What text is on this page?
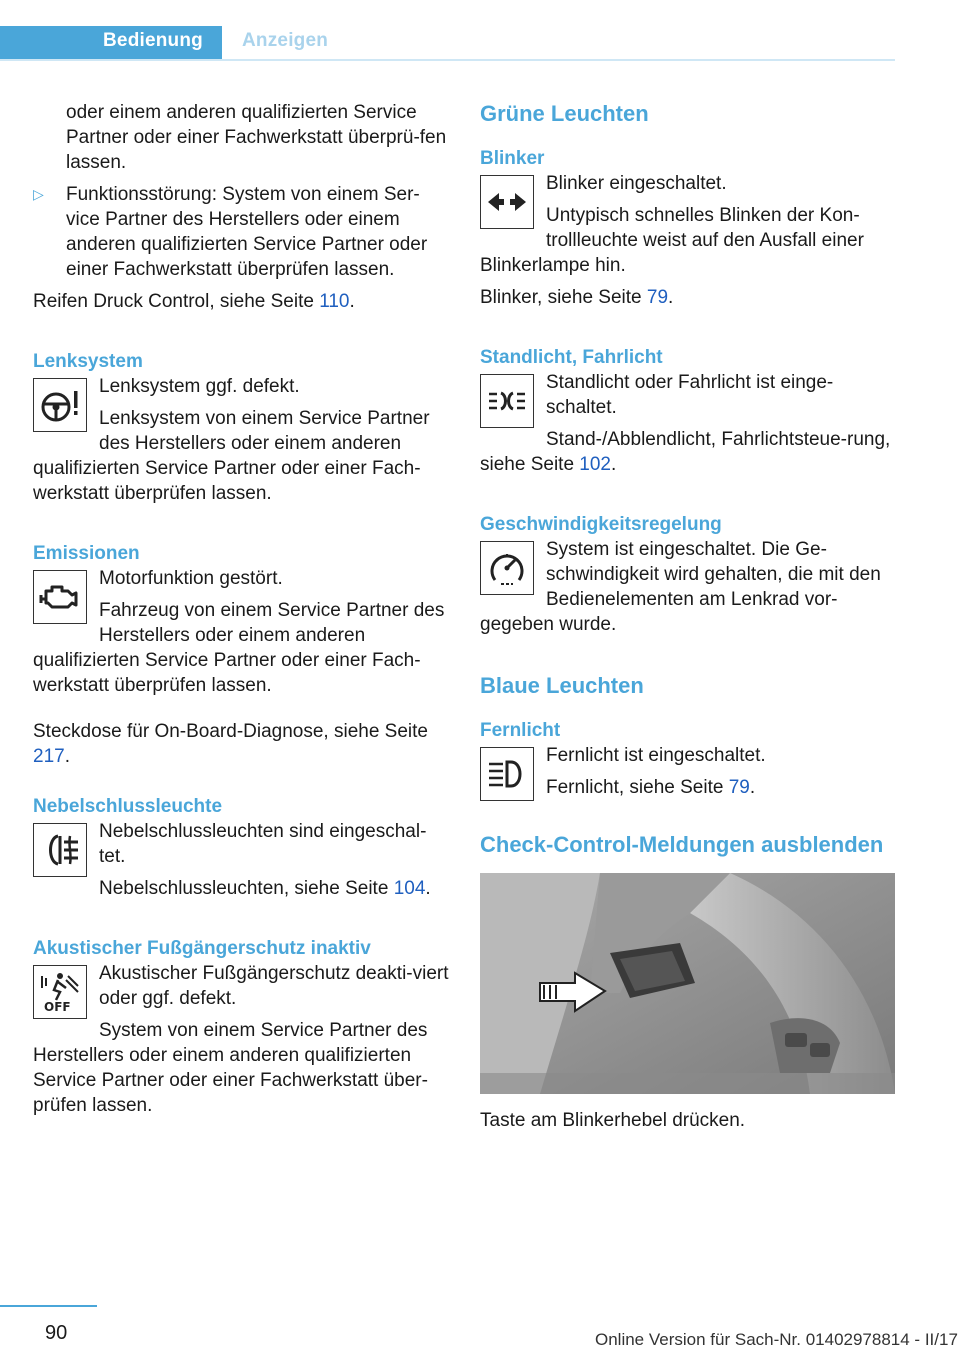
Bedienung Anzeigen

oder einem anderen qualifizierten Service Partner oder einer Fachwerkstatt überprü-fen lassen.

▷ Funktionsstörung: System von einem Ser-vice Partner des Herstellers oder einem anderen qualifizierten Service Partner oder einer Fachwerkstatt überprüfen lassen.

Reifen Druck Control, siehe Seite 110.

Lenksystem

Lenksystem ggf. defekt.

Lenksystem von einem Service Partner des Herstellers oder einem anderen qualifizierten Service Partner oder einer Fach-werkstatt überprüfen lassen.

Emissionen

Motorfunktion gestört.

Fahrzeug von einem Service Partner des Herstellers oder einem anderen qualifizierten Service Partner oder einer Fach-werkstatt überprüfen lassen.

Steckdose für On-Board-Diagnose, siehe Seite 217.

Nebelschlussleuchte

Nebelschlussleuchten sind eingeschal-tet.

Nebelschlussleuchten, siehe Seite 104.

Akustischer Fußgängerschutz inaktiv
OFF

Akustischer Fußgängerschutz deakti-viert oder ggf. defekt.

System von einem Service Partner des Herstellers oder einem anderen qualifizierten Service Partner oder einer Fachwerkstatt über-prüfen lassen.

Grüne Leuchten
Blinker

Blinker eingeschaltet.

Untypisch schnelles Blinken der Kon-trollleuchte weist auf den Ausfall einer Blinkerlampe hin.

Blinker, siehe Seite 79.

Standlicht, Fahrlicht

Standlicht oder Fahrlicht ist einge-schaltet.

Stand-/Abblendlicht, Fahrlichtsteue-rung, siehe Seite 102.

Geschwindigkeitsregelung

System ist eingeschaltet. Die Ge-schwindigkeit wird gehalten, die mit den Bedienelementen am Lenkrad vor-gegeben wurde.

Blaue Leuchten
Fernlicht

Fernlicht ist eingeschaltet.

Fernlicht, siehe Seite 79.

Check-Control-Meldungen ausblenden

Taste am Blinkerhebel drücken.

90	Online Version für Sach-Nr. 01402978814 - II/17
